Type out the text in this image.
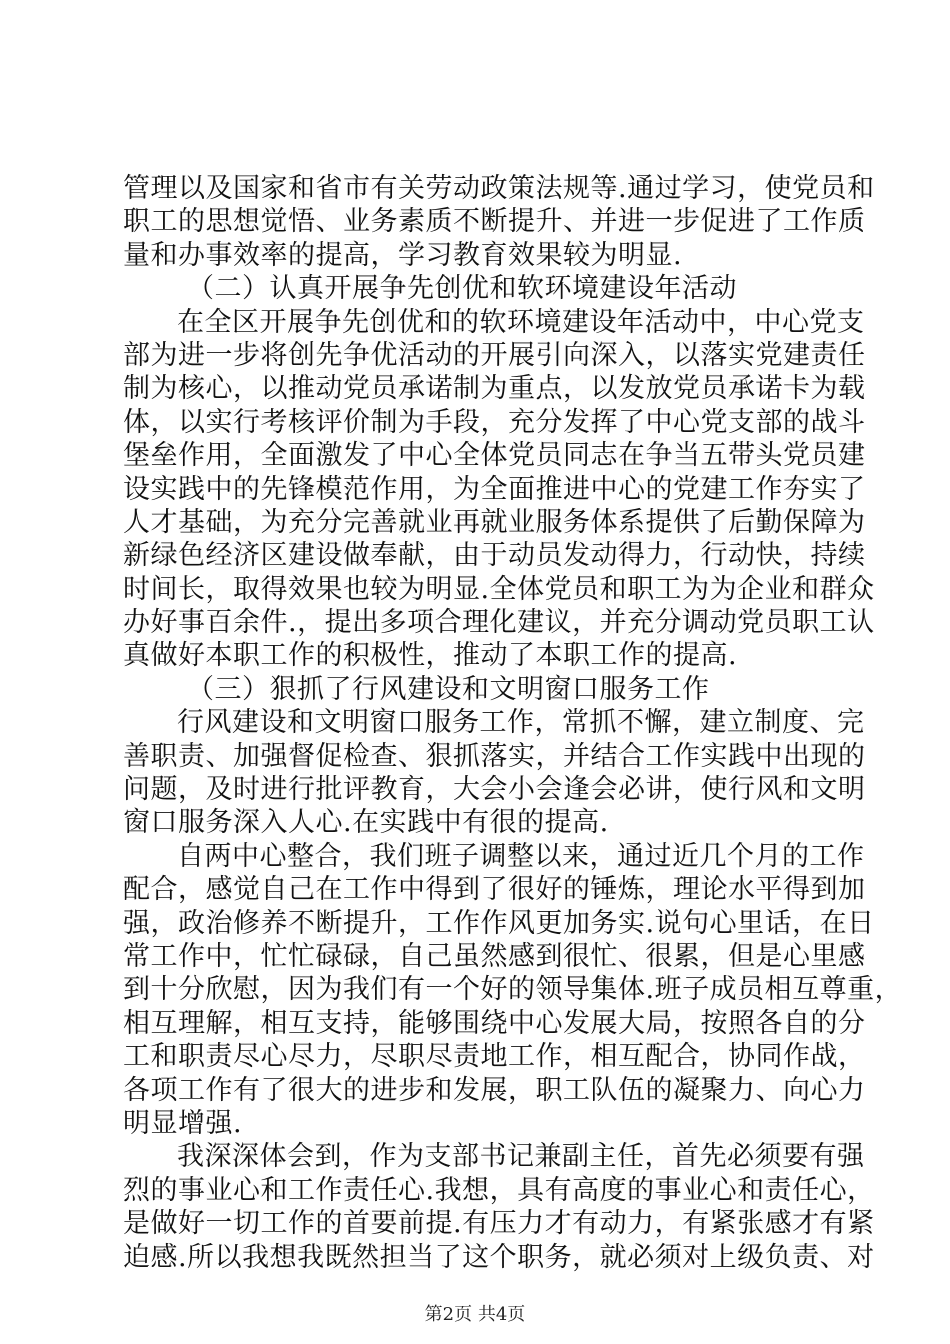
管理以及国家和省市有关劳动政策法规等.通过学习，使党员和
职工的思想觉悟、业务素质不断提升、并进一步促进了工作质
量和办事效率的提高，学习教育效果较为明显.
（二）认真开展争先创优和软环境建设年活动
在全区开展争先创优和的软环境建设年活动中，中心党支
部为进一步将创先争优活动的开展引向深入，以落实党建责任
制为核心，以推动党员承诺制为重点，以发放党员承诺卡为载
体，以实行考核评价制为手段，充分发挥了中心党支部的战斗
堡垒作用，全面激发了中心全体党员同志在争当五带头党员建
设实践中的先锋模范作用，为全面推进中心的党建工作夯实了
人才基础，为充分完善就业再就业服务体系提供了后勤保障为
新绿色经济区建设做奉献，由于动员发动得力，行动快，持续
时间长，取得效果也较为明显.全体党员和职工为为企业和群众
办好事百余件.，提出多项合理化建议，并充分调动党员职工认
真做好本职工作的积极性，推动了本职工作的提高.
（三）狠抓了行风建设和文明窗口服务工作
行风建设和文明窗口服务工作，常抓不懈，建立制度、完
善职责、加强督促检查、狠抓落实，并结合工作实践中出现的
问题，及时进行批评教育，大会小会逢会必讲，使行风和文明
窗口服务深入人心.在实践中有很的提高.
自两中心整合，我们班子调整以来，通过近几个月的工作
配合，感觉自己在工作中得到了很好的锤炼，理论水平得到加
强，政治修养不断提升，工作作风更加务实.说句心里话，在日
常工作中，忙忙碌碌，自己虽然感到很忙、很累，但是心里感
到十分欣慰，因为我们有一个好的领导集体.班子成员相互尊重，
相互理解，相互支持，能够围绕中心发展大局，按照各自的分
工和职责尽心尽力，尽职尽责地工作，相互配合，协同作战，
各项工作有了很大的进步和发展，职工队伍的凝聚力、向心力
明显增强.
我深深体会到，作为支部书记兼副主任，首先必须要有强
烈的事业心和工作责任心.我想，具有高度的事业心和责任心，
是做好一切工作的首要前提.有压力才有动力，有紧张感才有紧
迫感.所以我想我既然担当了这个职务，就必须对上级负责、对
第2页 共4页
